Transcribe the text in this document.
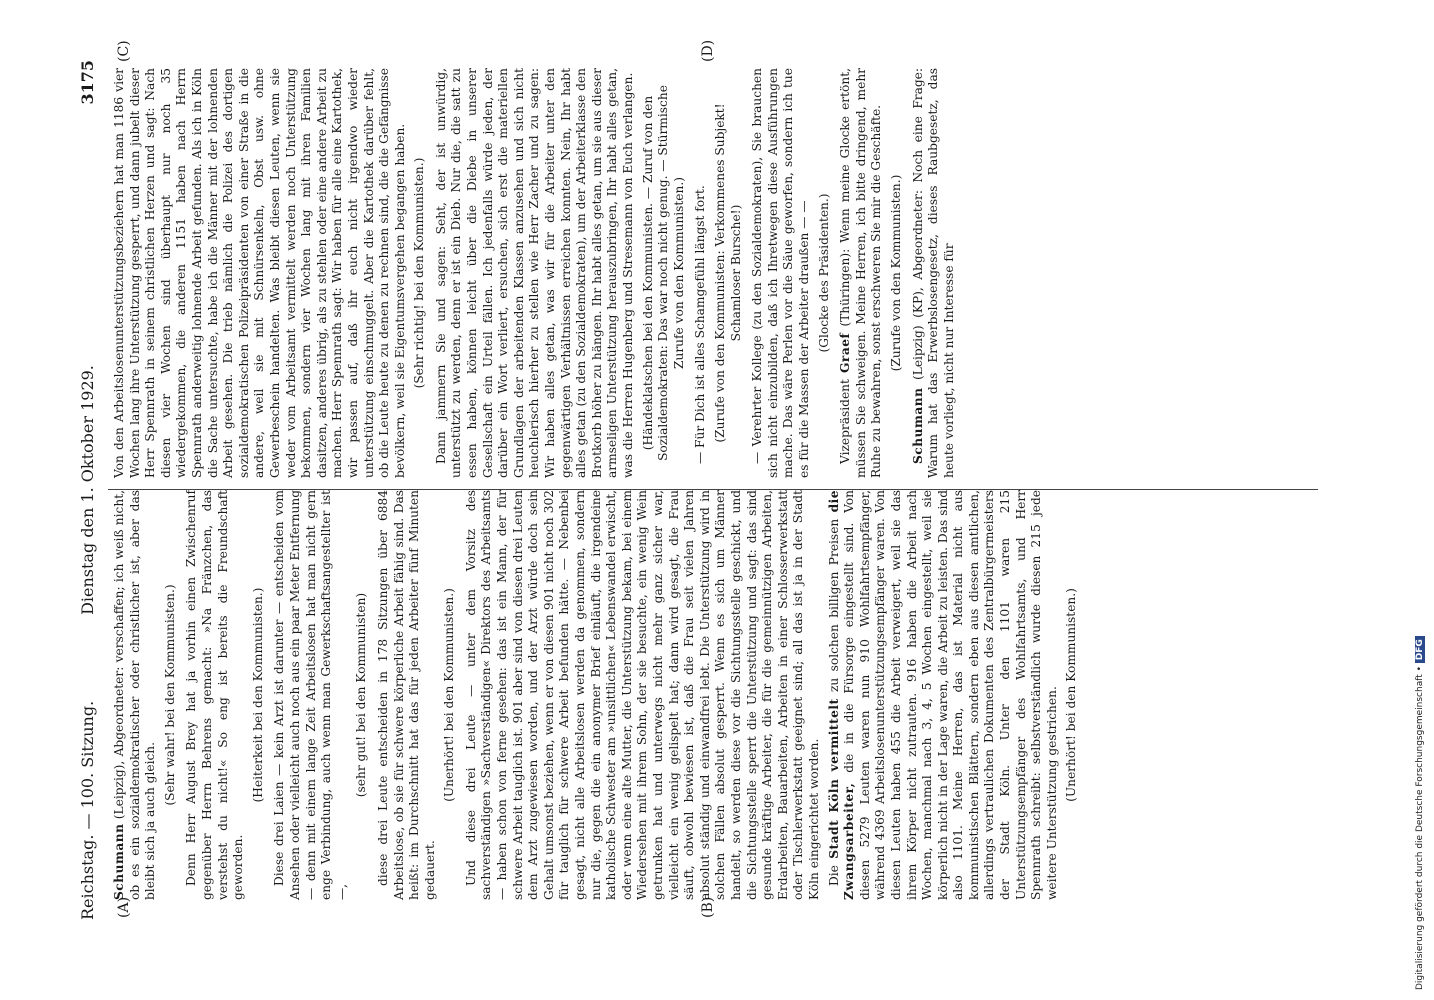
Reichstag. — 100. Sitzung.
Dienstag den 1. Oktober 1929.
3175
(A)	(B)
(C)	(D)

Schumann (Leipzig), Abgeordneter: verschaffen; ich weiß nicht, ob es ein sozialdemokratischer oder christlicher ist, aber das bleibt sich ja auch gleich.

(Sehr wahr! bei den Kommunisten.) Denn Herr August Brey hat ja vorhin einen Zwischenruf gegenüber Herrn Behrens gemacht: »Na Fränzchen, das verstehst du nicht!« So eng ist bereits die Freundschaft geworden.

(Heiterkeit bei den Kommunisten.) Diese drei Laien — kein Arzt ist darunter — entscheiden vom Ansehen oder vielleicht auch noch aus ein paar Meter Entfernung — denn mit einem lange Zeit Arbeitslosen hat man nicht gern enge Verbindung, auch wenn man Gewerkschaftsangestellter ist —,

(sehr gut! bei den Kommunisten) diese drei Leute entscheiden in 178 Sitzungen über 6884 Arbeitslose, ob sie für schwere körperliche Arbeit fähig sind. Das heißt: im Durchschnitt hat das für jeden Arbeiter fünf Minuten gedauert.

(Unerhört! bei den Kommunisten.) Und diese drei Leute — unter dem Vorsitz des sachverständigen »Sachverständigen« Direktors des Arbeitsamts — haben schon von ferne gesehen: das ist ein Mann, der für schwere Arbeit tauglich ist. 901 aber sind von diesen drei Leuten dem Arzt zugewiesen worden, und der Arzt würde doch sein Gehalt umsonst beziehen, wenn er von diesen 901 nicht noch 302 für tauglich für schwere Arbeit befunden hätte. — Nebenbei gesagt, nicht alle Arbeitslosen werden da genommen, sondern nur die, gegen die ein anonymer Brief einläuft, die irgendeine katholische Schwester am »unsittlichen« Lebenswandel erwischt, oder wenn eine alte Mutter, die Unterstützung bekam, bei einem Wiedersehen mit ihrem Sohn, der sie besuchte, ein wenig Wein getrunken hat und unterwegs nicht mehr ganz sicher war, vielleicht ein wenig gelispelt hat; dann wird gesagt, die Frau säuft, obwohl bewiesen ist, daß die Frau seit vielen Jahren absolut ständig und einwandfrei lebt. Die Unterstützung wird in solchen Fällen absolut gesperrt. Wenn es sich um Männer handelt, so werden diese vor die Sichtungsstelle geschickt, und die Sichtungsstelle sperrt die Unterstützung und sagt: das sind gesunde kräftige Arbeiter, die für die gemeinnützigen Arbeiten, Erdarbeiten, Bauarbeiten, Arbeiten in einer Schlosserwerkstatt oder Tischlerwerkstatt geeignet sind; all das ist ja in der Stadt Köln eingerichtet worden. Die Stadt Köln vermittelt zu solchen billigen Preisen die Zwangsarbeiter, die in die Fürsorge eingestellt sind. Von diesen 5279 Leuten waren nun 910 Wohlfahrtsempfänger, während 4369 Arbeitslosenunterstützungsempfänger waren. Von diesen Leuten haben 455 die Arbeit verweigert, weil sie das ihrem Körper nicht zutrauten. 916 haben die Arbeit nach Wochen, manchmal nach 3, 4, 5 Wochen eingestellt, weil sie körperlich nicht in der Lage waren, die Arbeit zu leisten. Das sind also 1101. Meine Herren, das ist Material nicht aus kommunistischen Blättern, sondern eben aus diesen amtlichen, allerdings vertraulichen Dokumenten des Zentralbürgermeisters der Stadt Köln. Unter den 1101 waren 215 Unterstützungsempfänger des Wohlfahrtsamts, und Herr Spennrath schreibt: selbstverständlich wurde diesen 215 jede weitere Unterstützung gestrichen. (Unerhört! bei den Kommunisten.)

Von den Arbeitslosenunterstützungsbeziehern hat man 1186 vier Wochen lang ihre Unterstützung gesperrt, und dann jubelt dieser Herr Spennrath in seinem christlichen Herzen und sagt: Nach diesen vier Wochen sind überhaupt nur noch 35 wiedergekommen, die anderen 1151 haben nach Herrn Spennrath anderweitig lohnende Arbeit gefunden. Als ich in Köln die Sache untersuchte, habe ich die Männer mit der lohnenden Arbeit gesehen. Die trieb nämlich die Polizei des dortigen sozialdemokratischen Polizeipräsidenten von einer Straße in die andere, weil sie mit Schnürsenkeln, Obst usw. ohne Gewerbeschein handelten. Was bleibt diesen Leuten, wenn sie weder vom Arbeitsamt vermittelt werden noch Unterstützung bekommen, sondern vier Wochen lang mit ihren Familien dasitzen, anderes übrig, als zu stehlen oder eine andere Arbeit zu machen. Herr Spennrath sagt: Wir haben für alle eine Kartothek, wir passen auf, daß ihr euch nicht irgendwo wieder unterstützung einschmuggelt. Aber die Kartothek darüber fehlt, ob die Leute heute zu denen zu rechnen sind, die die Gefängnisse bevölkern, weil sie Eigentumsvergehen begangen haben. (Sehr richtig! bei den Kommunisten.) Dann jammern Sie und sagen: Seht, der ist unwürdig, unterstützt zu werden, denn er ist ein Dieb. Nur die, die satt zu essen haben, können leicht über die Diebe in unserer Gesellschaft ein Urteil fällen. Ich jedenfalls würde jeden, der darüber ein Wort verliert, ersuchen, sich erst die materiellen Grundlagen der arbeitenden Klassen anzusehen und sich nicht heuchlerisch hierher zu stellen wie Herr Zacher und zu sagen: Wir haben alles getan, was wir für die Arbeiter unter den gegenwärtigen Verhältnissen erreichen konnten. Nein, Ihr habt alles getan (zu den Sozialdemokraten), um der Arbeiterklasse den Brotkorb höher zu hängen. Ihr habt alles getan, um sie aus dieser armseligen Unterstützung herauszubringen, Ihr habt alles getan, was die Herren Hugenberg und Stresemann von Euch verlangen. (Händeklatschen bei den Kommunisten. — Zuruf von den Sozialdemokraten: Das war noch nicht genug. — Stürmische Zurufe von den Kommunisten.) — Für Dich ist alles Schamgefühl längst fort. (Zurufe von den Kommunisten: Verkommenes Subjekt! Schamloser Bursche!) — Verehrter Kollege (zu den Sozialdemokraten), Sie brauchen sich nicht einzubilden, daß ich Ihretwegen diese Ausführungen mache. Das wäre Perlen vor die Säue geworfen, sondern ich tue es für die Massen der Arbeiter draußen — — (Glocke des Präsidenten.)

Vizepräsident Graef (Thüringen): Wenn meine Glocke ertönt, müssen Sie schweigen. Meine Herren, ich bitte dringend, mehr Ruhe zu bewahren, sonst erschweren Sie mir die Geschäfte. (Zurufe von den Kommunisten.)

Schumann (Leipzig) (KP), Abgeordneter: Noch eine Frage: Warum hat das Erwerbslosengesetz, dieses Raubgesetz, das heute vorliegt, nicht nur Interesse für

Digitalisierung gefördert durch die Deutsche Forschungsgemeinschaft • DFG
